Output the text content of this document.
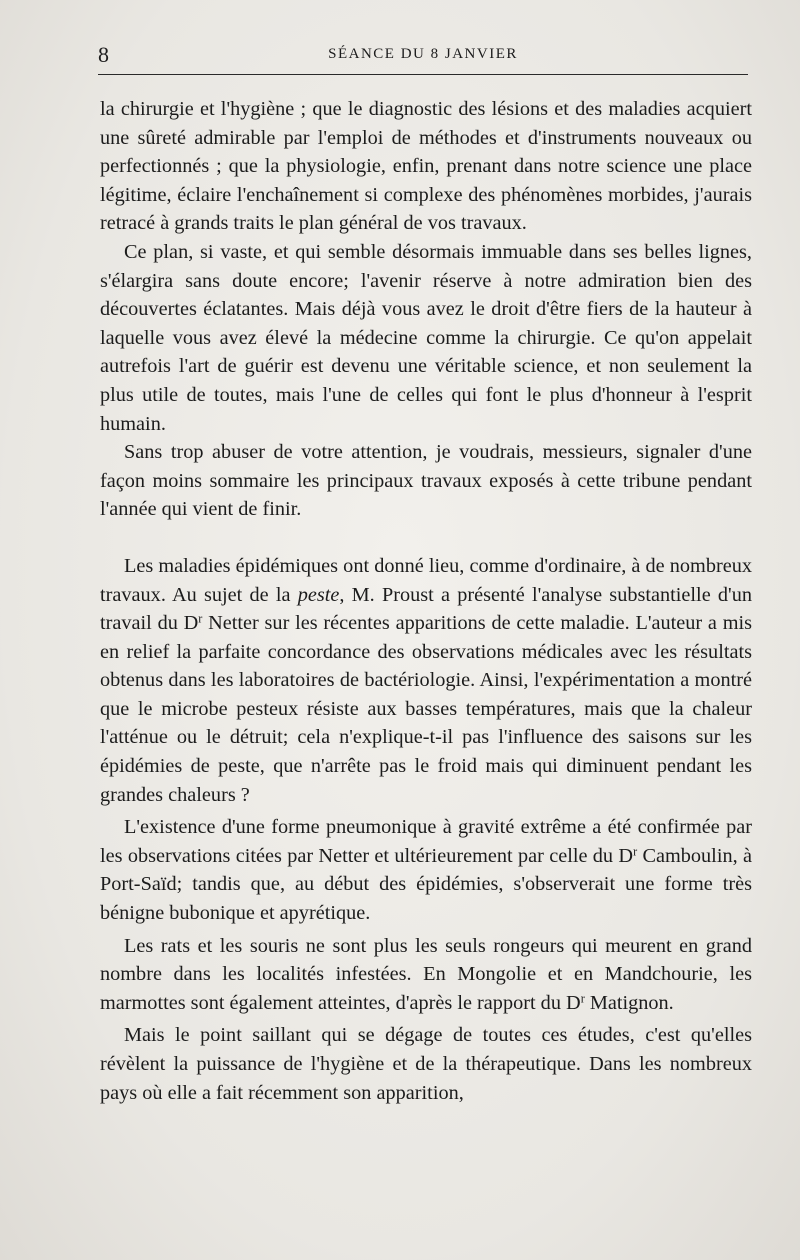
8	SÉANCE DU 8 JANVIER

la chirurgie et l'hygiène ; que le diagnostic des lésions et des maladies acquiert une sûreté admirable par l'emploi de méthodes et d'instruments nouveaux ou perfectionnés ; que la physiologie, enfin, prenant dans notre science une place légitime, éclaire l'enchaînement si complexe des phénomènes morbides, j'aurais retracé à grands traits le plan général de vos travaux.

Ce plan, si vaste, et qui semble désormais immuable dans ses belles lignes, s'élargira sans doute encore; l'avenir réserve à notre admiration bien des découvertes éclatantes. Mais déjà vous avez le droit d'être fiers de la hauteur à laquelle vous avez élevé la médecine comme la chirurgie. Ce qu'on appelait autrefois l'art de guérir est devenu une véritable science, et non seulement la plus utile de toutes, mais l'une de celles qui font le plus d'honneur à l'esprit humain.

Sans trop abuser de votre attention, je voudrais, messieurs, signaler d'une façon moins sommaire les principaux travaux exposés à cette tribune pendant l'année qui vient de finir.

Les maladies épidémiques ont donné lieu, comme d'ordinaire, à de nombreux travaux. Au sujet de la peste, M. Proust a présenté l'analyse substantielle d'un travail du $D^r$ Netter sur les récentes apparitions de cette maladie. L'auteur a mis en relief la parfaite concordance des observations médicales avec les résultats obtenus dans les laboratoires de bactériologie. Ainsi, l'expérimentation a montré que le microbe pesteux résiste aux basses températures, mais que la chaleur l'atténue ou le détruit; cela n'explique-t-il pas l'influence des saisons sur les épidémies de peste, que n'arrête pas le froid mais qui diminuent pendant les grandes chaleurs ?

L'existence d'une forme pneumonique à gravité extrême a été confirmée par les observations citées par Netter et ultérieurement par celle du $D^r$ Camboulin, à Port-Saïd; tandis que, au début des épidémies, s'observerait une forme très bénigne bubonique et apyrétique.

Les rats et les souris ne sont plus les seuls rongeurs qui meurent en grand nombre dans les localités infestées. En Mongolie et en Mandchourie, les marmottes sont également atteintes, d'après le rapport du $D^r$ Matignon.

Mais le point saillant qui se dégage de toutes ces études, c'est qu'elles révèlent la puissance de l'hygiène et de la thérapeutique. Dans les nombreux pays où elle a fait récemment son apparition,
